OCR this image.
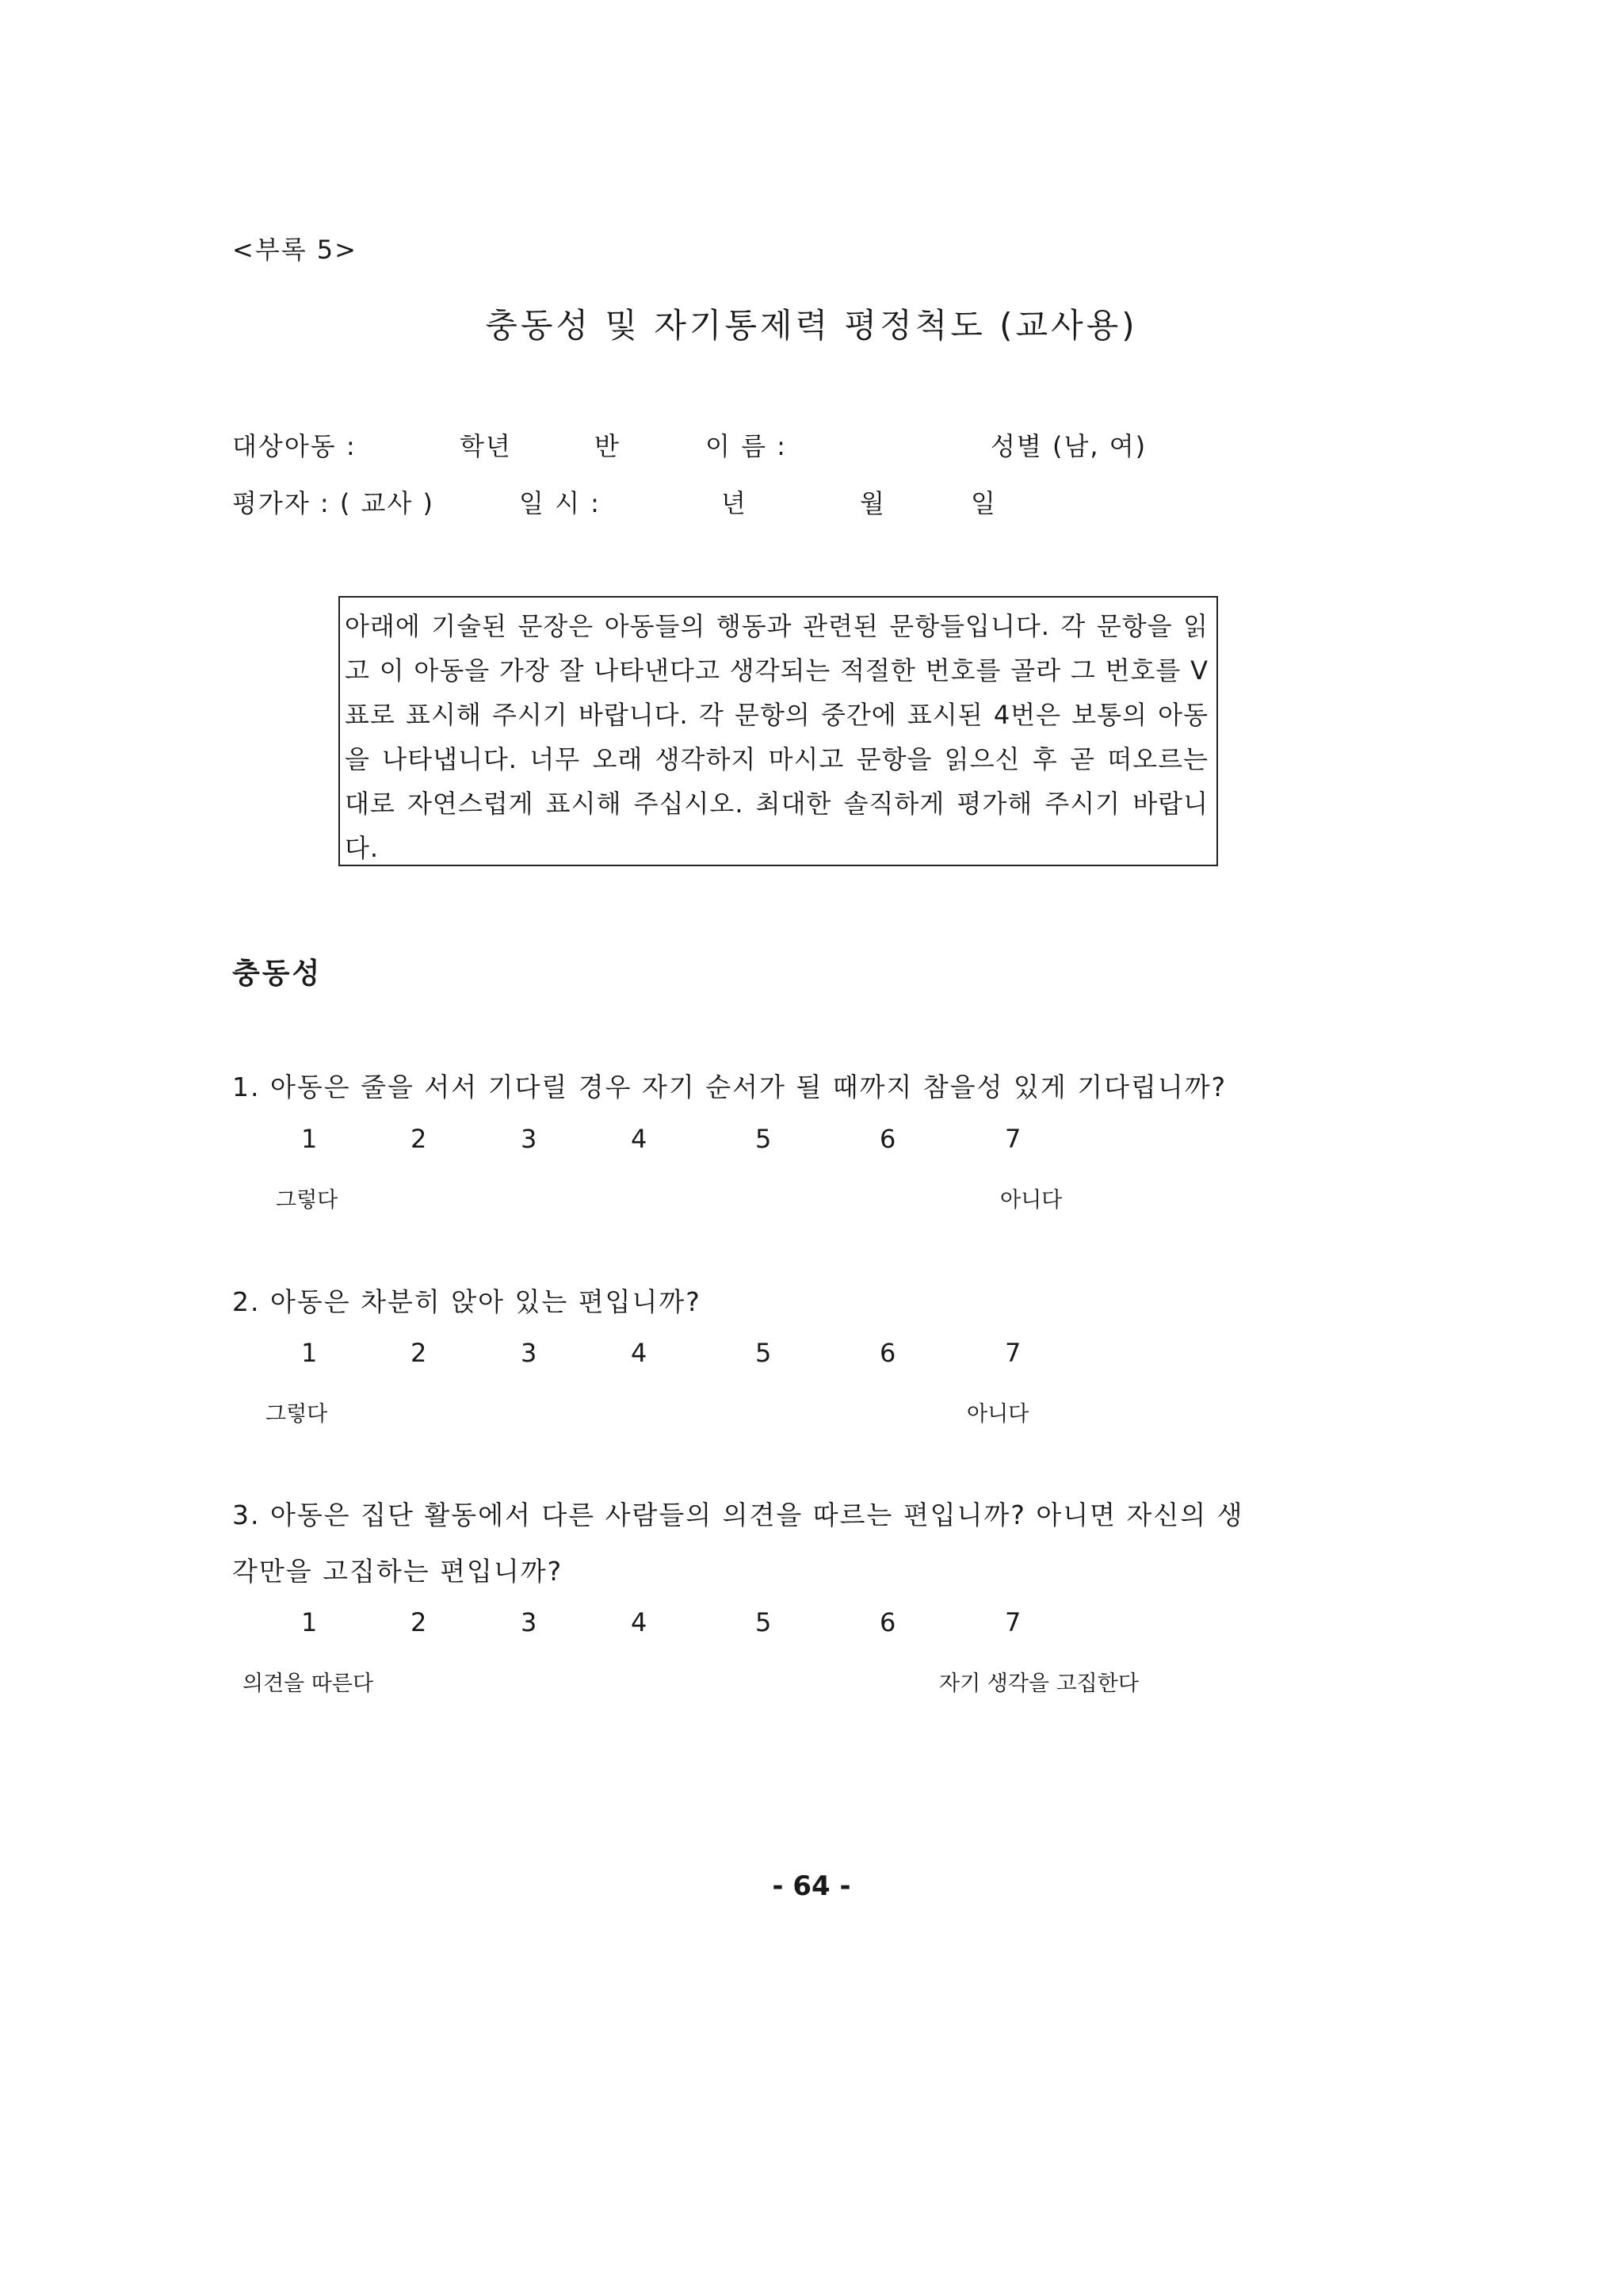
<부록 5>
충동성 및 자기통제력 평정척도 (교사용)
대상아동 :	학년	반	이 름 :	성별 (남, 여)
평가자 : ( 교사 )	일 시 :	년	월	일
아래에 기술된 문장은 아동들의 행동과 관련된 문항들입니다. 각 문항을 읽고 이 아동을 가장 잘 나타낸다고 생각되는 적절한 번호를 골라 그 번호를 V 표로 표시해 주시기 바랍니다. 각 문항의 중간에 표시된 4번은 보통의 아동을 나타냅니다. 너무 오래 생각하지 마시고 문항을 읽으신 후 곧 떠오르는 대로 자연스럽게 표시해 주십시오. 최대한 솔직하게 평가해 주시기 바랍니다.
충동성
1. 아동은 줄을 서서 기다릴 경우 자기 순서가 될 때까지 참을성 있게 기다립니까?
1	2	3	4	5	6	7
그렇다	아니다
2. 아동은 차분히 앉아 있는 편입니까?
1	2	3	4	5	6	7
그렇다	아니다
3. 아동은 집단 활동에서 다른 사람들의 의견을 따르는 편입니까? 아니면 자신의 생
각만을 고집하는 편입니까?
1	2	3	4	5	6	7
의견을 따른다	자기 생각을 고집한다
- 64 -
